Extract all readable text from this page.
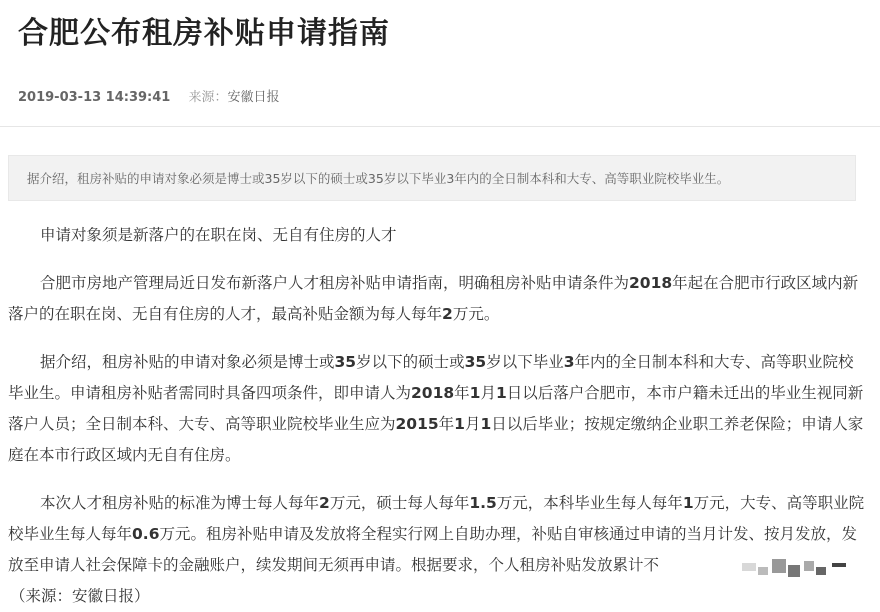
合肥公布租房补贴申请指南
2019-03-13 14:39:41 来源：安徽日报
据介绍，租房补贴的申请对象必须是博士或35岁以下的硕士或35岁以下毕业3年内的全日制本科和大专、高等职业院校毕业生。

申请对象须是新落户的在职在岗、无自有住房的人才

合肥市房地产管理局近日发布新落户人才租房补贴申请指南，明确租房补贴申请条件为2018年起在合肥市行政区域内新落户的在职在岗、无自有住房的人才，最高补贴金额为每人每年2万元。

据介绍，租房补贴的申请对象必须是博士或35岁以下的硕士或35岁以下毕业3年内的全日制本科和大专、高等职业院校毕业生。申请租房补贴者需同时具备四项条件，即申请人为2018年1月1日以后落户合肥市，本市户籍未迁出的毕业生视同新落户人员；全日制本科、大专、高等职业院校毕业生应为2015年1月1日以后毕业；按规定缴纳企业职工养老保险；申请人家庭在本市行政区域内无自有住房。

本次人才租房补贴的标准为博士每人每年2万元，硕士每人每年1.5万元，本科毕业生每人每年1万元，大专、高等职业院校毕业生每人每年0.6万元。租房补贴申请及发放将全程实行网上自助办理，补贴自审核通过申请的当月计发、按月发放，发放至申请人社会保障卡的金融账户，续发期间无须再申请。根据要求，个人租房补贴发放累计不

（来源：安徽日报）
